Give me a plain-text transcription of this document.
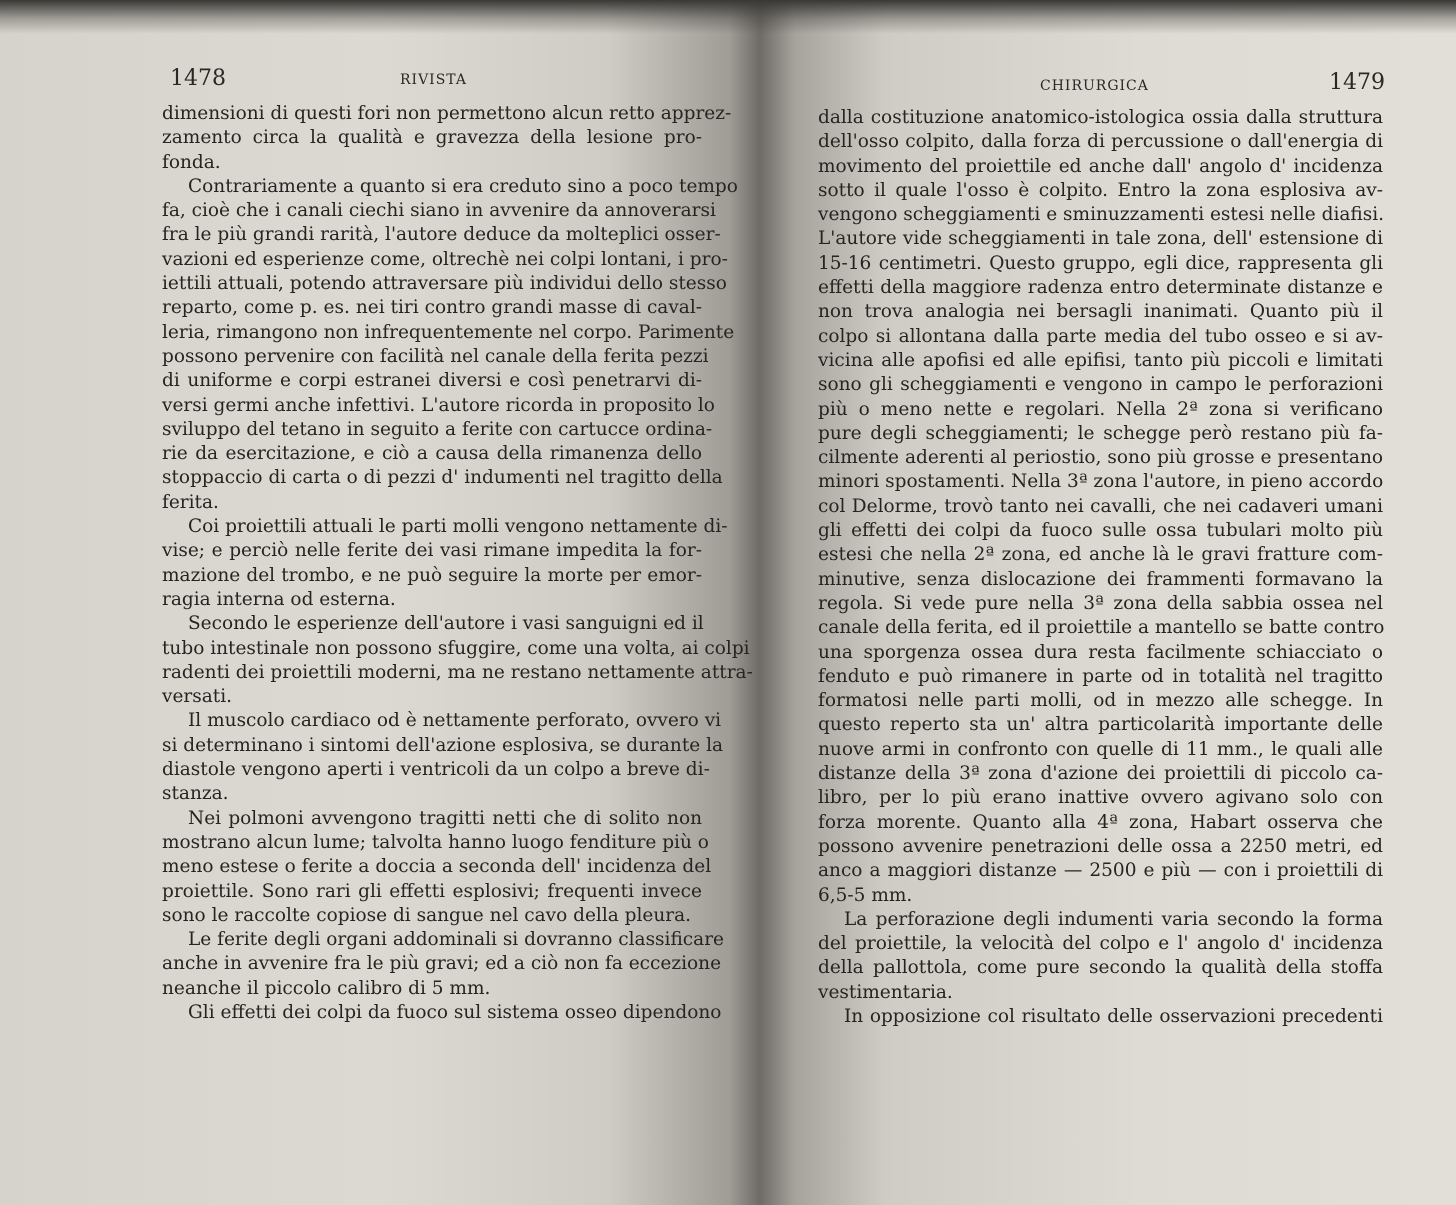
1478	RIVISTA
dimensioni di questi fori non permettono alcun retto apprez-
zamento circa la qualità e gravezza della lesione pro-
fonda.
Contrariamente a quanto si era creduto sino a poco tempo
fa, cioè che i canali ciechi siano in avvenire da annoverarsi
fra le più grandi rarità, l'autore deduce da molteplici osser-
vazioni ed esperienze come, oltrechè nei colpi lontani, i pro-
iettili attuali, potendo attraversare più individui dello stesso
reparto, come p. es. nei tiri contro grandi masse di caval-
leria, rimangono non infrequentemente nel corpo. Parimente
possono pervenire con facilità nel canale della ferita pezzi
di uniforme e corpi estranei diversi e così penetrarvi di-
versi germi anche infettivi. L'autore ricorda in proposito lo
sviluppo del tetano in seguito a ferite con cartucce ordina-
rie da esercitazione, e ciò a causa della rimanenza dello
stoppaccio di carta o di pezzi d' indumenti nel tragitto della
ferita.
Coi proiettili attuali le parti molli vengono nettamente di-
vise; e perciò nelle ferite dei vasi rimane impedita la for-
mazione del trombo, e ne può seguire la morte per emor-
ragia interna od esterna.
Secondo le esperienze dell'autore i vasi sanguigni ed il
tubo intestinale non possono sfuggire, come una volta, ai colpi
radenti dei proiettili moderni, ma ne restano nettamente attra-
versati.
Il muscolo cardiaco od è nettamente perforato, ovvero vi
si determinano i sintomi dell'azione esplosiva, se durante la
diastole vengono aperti i ventricoli da un colpo a breve di-
stanza.
Nei polmoni avvengono tragitti netti che di solito non
mostrano alcun lume; talvolta hanno luogo fenditure più o
meno estese o ferite a doccia a seconda dell' incidenza del
proiettile. Sono rari gli effetti esplosivi; frequenti invece
sono le raccolte copiose di sangue nel cavo della pleura.
Le ferite degli organi addominali si dovranno classificare
anche in avvenire fra le più gravi; ed a ciò non fa eccezione
neanche il piccolo calibro di 5 mm.
Gli effetti dei colpi da fuoco sul sistema osseo dipendono
CHIRURGICA	1479
dalla costituzione anatomico-istologica ossia dalla struttura
dell'osso colpito, dalla forza di percussione o dall'energia di
movimento del proiettile ed anche dall' angolo d' incidenza
sotto il quale l'osso è colpito. Entro la zona esplosiva av-
vengono scheggiamenti e sminuzzamenti estesi nelle diafisi.
L'autore vide scheggiamenti in tale zona, dell' estensione di
15-16 centimetri. Questo gruppo, egli dice, rappresenta gli
effetti della maggiore radenza entro determinate distanze e
non trova analogia nei bersagli inanimati. Quanto più il
colpo si allontana dalla parte media del tubo osseo e si av-
vicina alle apofisi ed alle epifisi, tanto più piccoli e limitati
sono gli scheggiamenti e vengono in campo le perforazioni
più o meno nette e regolari. Nella 2ª zona si verificano
pure degli scheggiamenti; le schegge però restano più fa-
cilmente aderenti al periostio, sono più grosse e presentano
minori spostamenti. Nella 3ª zona l'autore, in pieno accordo
col Delorme, trovò tanto nei cavalli, che nei cadaveri umani
gli effetti dei colpi da fuoco sulle ossa tubulari molto più
estesi che nella 2ª zona, ed anche là le gravi fratture com-
minutive, senza dislocazione dei frammenti formavano la
regola. Si vede pure nella 3ª zona della sabbia ossea nel
canale della ferita, ed il proiettile a mantello se batte contro
una sporgenza ossea dura resta facilmente schiacciato o
fenduto e può rimanere in parte od in totalità nel tragitto
formatosi nelle parti molli, od in mezzo alle schegge. In
questo reperto sta un' altra particolarità importante delle
nuove armi in confronto con quelle di 11 mm., le quali alle
distanze della 3ª zona d'azione dei proiettili di piccolo ca-
libro, per lo più erano inattive ovvero agivano solo con
forza morente. Quanto alla 4ª zona, Habart osserva che
possono avvenire penetrazioni delle ossa a 2250 metri, ed
anco a maggiori distanze — 2500 e più — con i proiettili di
6,5-5 mm.
La perforazione degli indumenti varia secondo la forma
del proiettile, la velocità del colpo e l' angolo d' incidenza
della pallottola, come pure secondo la qualità della stoffa
vestimentaria.
In opposizione col risultato delle osservazioni precedenti
